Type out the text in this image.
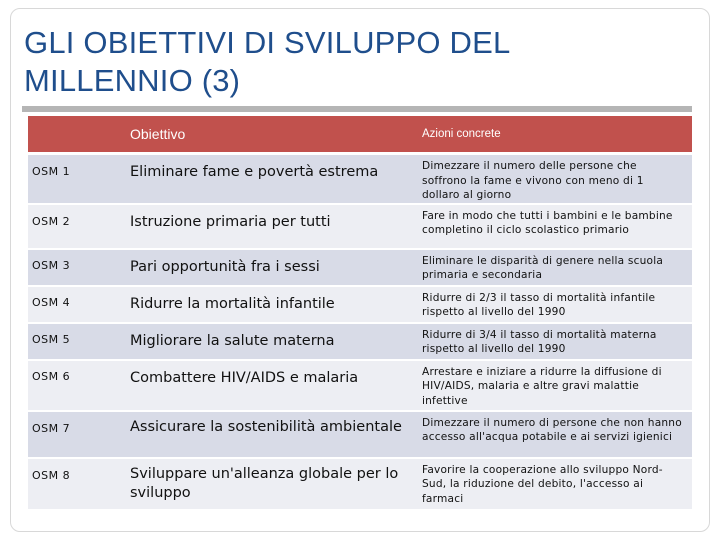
GLI OBIETTIVI DI SVILUPPO DEL MILLENNIO (3)
	Obiettivo	Azioni concrete
OSM 1	Eliminare fame e povertà estrema	Dimezzare il numero delle persone che soffrono la fame e vivono con meno di 1 dollaro al giorno
OSM 2	Istruzione primaria per tutti	Fare in modo che tutti i bambini e le bambine completino il ciclo scolastico primario
OSM 3	Pari opportunità fra i sessi	Eliminare le disparità di genere nella scuola primaria e secondaria
OSM 4	Ridurre la mortalità infantile	Ridurre di 2/3 il tasso di mortalità infantile rispetto al livello del 1990
OSM 5	Migliorare la salute materna	Ridurre di 3/4 il tasso di mortalità materna rispetto al livello del 1990
OSM 6	Combattere HIV/AIDS e malaria	Arrestare e iniziare a ridurre la diffusione di HIV/AIDS, malaria e altre gravi malattie infettive
OSM 7	Assicurare la sostenibilità ambientale	Dimezzare il numero di persone che non hanno accesso all'acqua potabile e ai servizi igienici
OSM 8	Sviluppare un'alleanza globale per lo sviluppo	Favorire la cooperazione allo sviluppo Nord-Sud, la riduzione del debito, l'accesso ai farmaci
